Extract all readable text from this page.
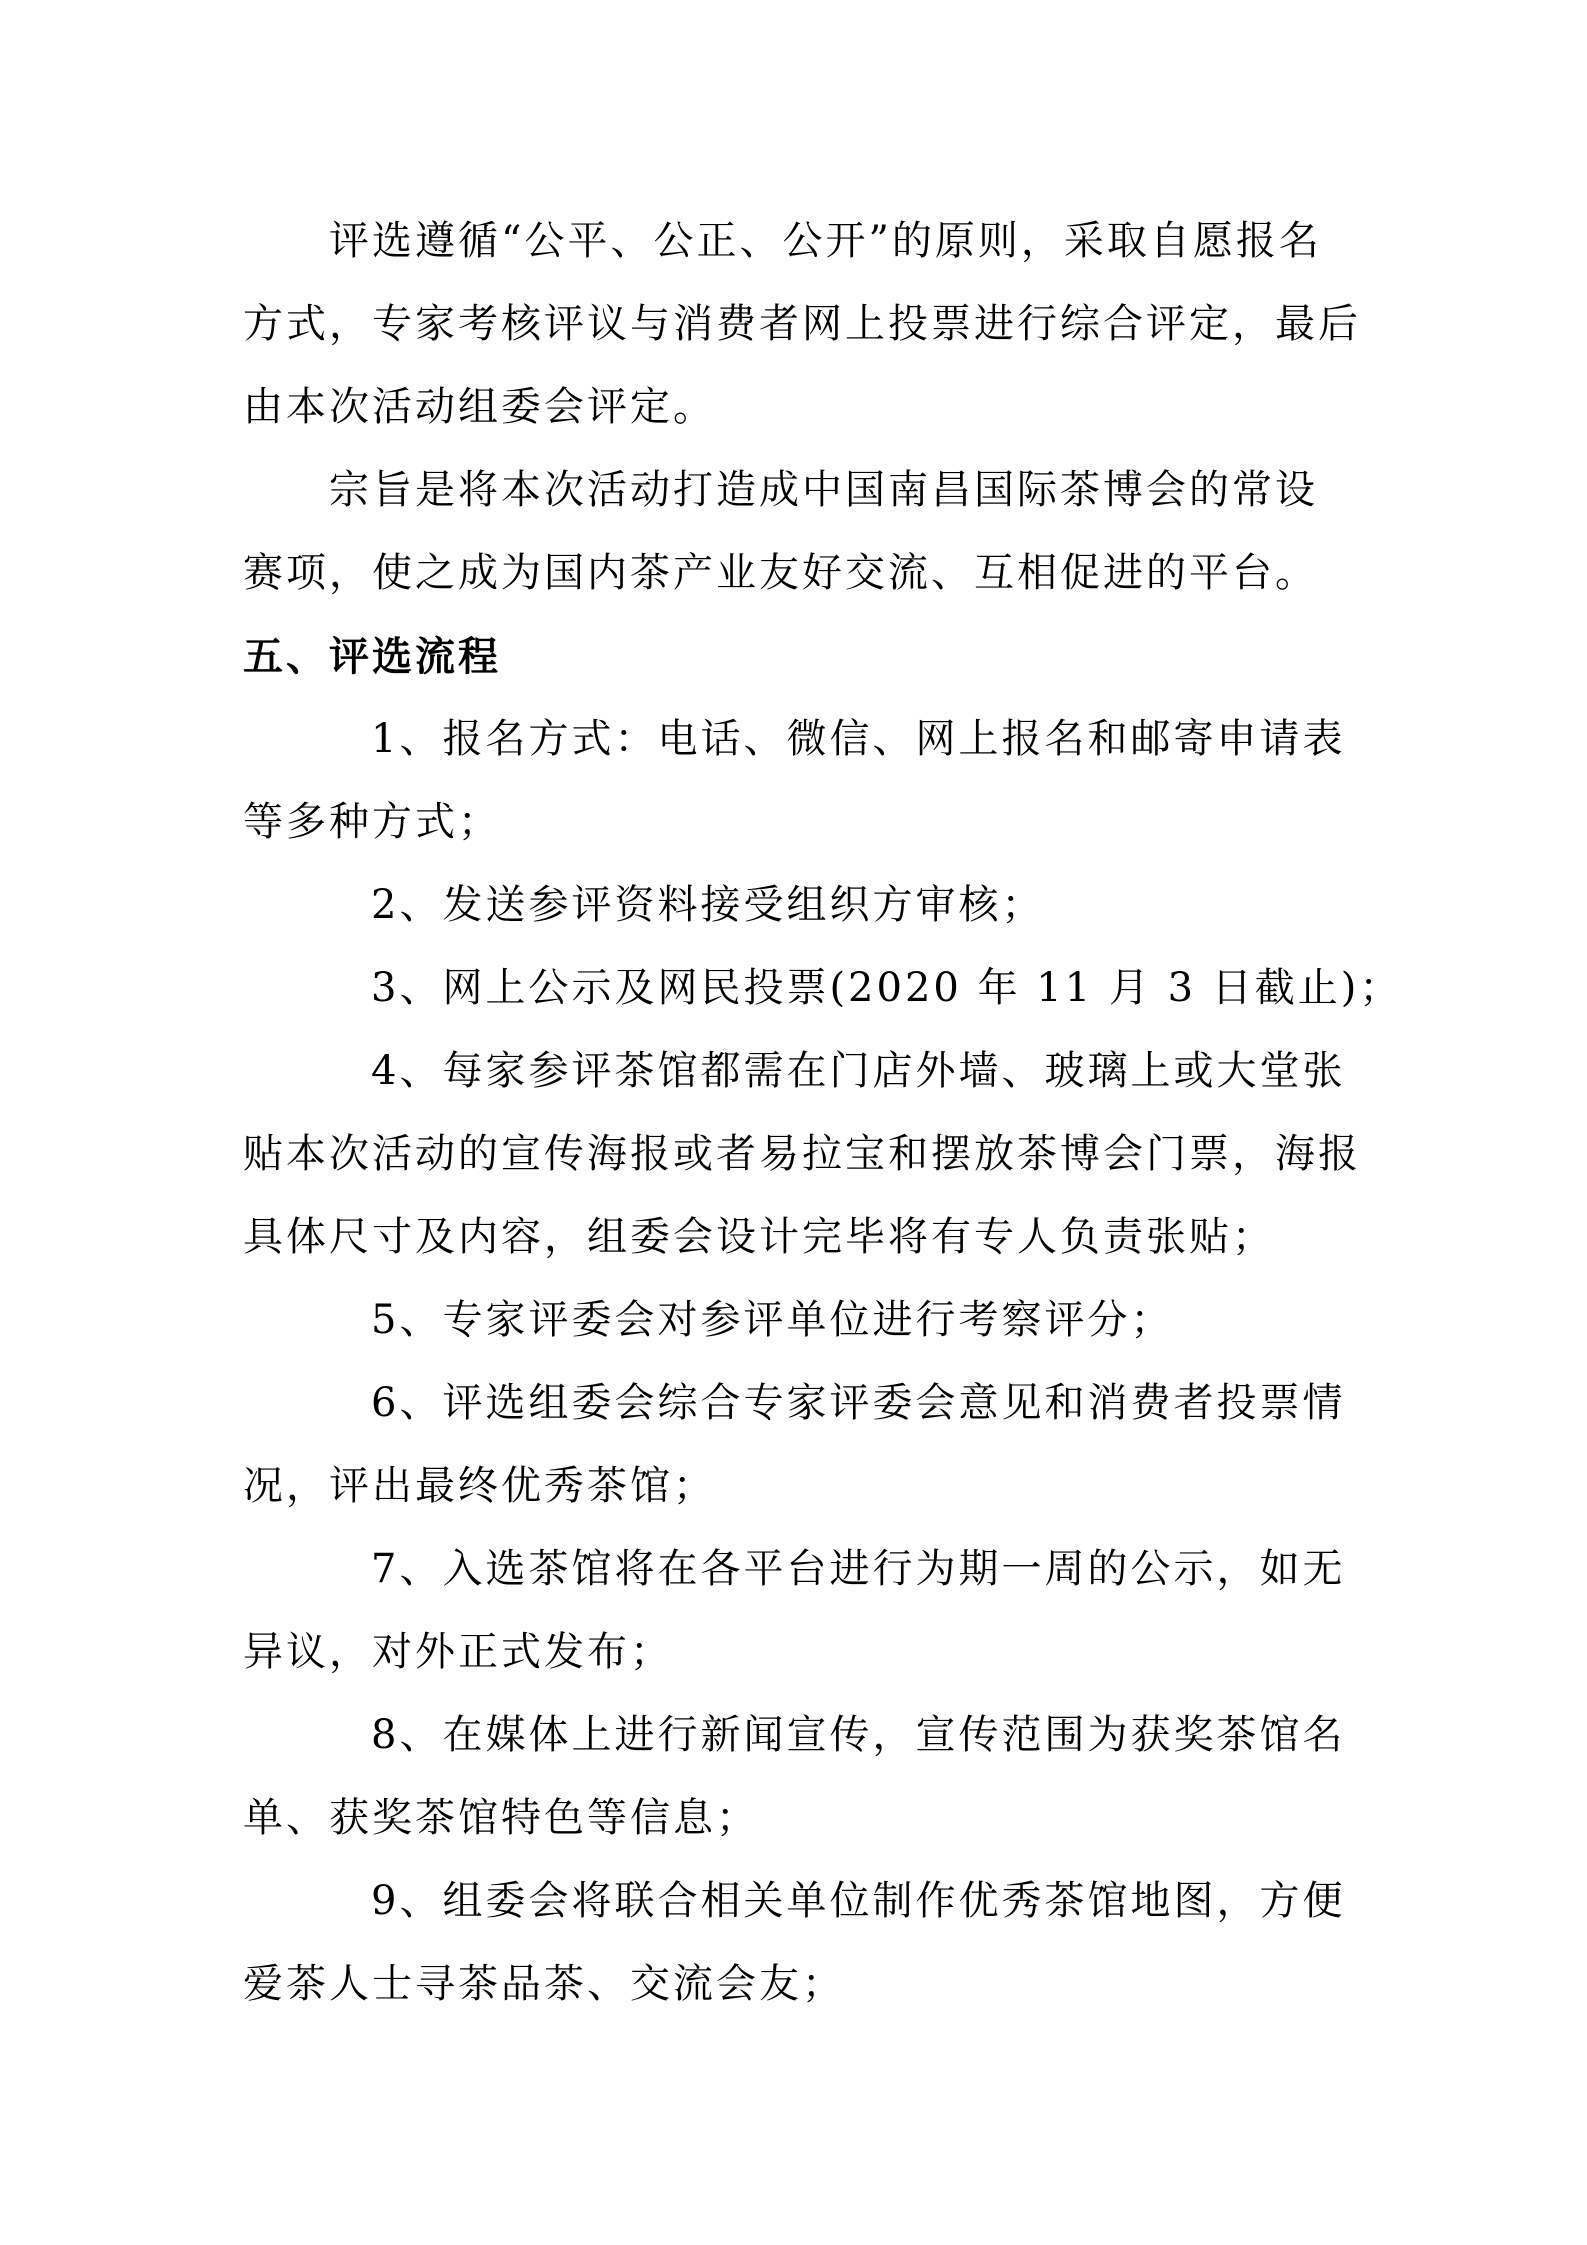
评选遵循“公平、公正、公开”的原则，采取自愿报名
方式，专家考核评议与消费者网上投票进行综合评定，最后
由本次活动组委会评定。
宗旨是将本次活动打造成中国南昌国际茶博会的常设
赛项，使之成为国内茶产业友好交流、互相促进的平台。
五、评选流程
1、报名方式：电话、微信、网上报名和邮寄申请表
等多种方式；
2、发送参评资料接受组织方审核；
3、网上公示及网民投票(2020 年 11 月 3 日截止)；
4、每家参评茶馆都需在门店外墙、玻璃上或大堂张
贴本次活动的宣传海报或者易拉宝和摆放茶博会门票，海报
具体尺寸及内容，组委会设计完毕将有专人负责张贴；
5、专家评委会对参评单位进行考察评分；
6、评选组委会综合专家评委会意见和消费者投票情
况，评出最终优秀茶馆；
7、入选茶馆将在各平台进行为期一周的公示，如无
异议，对外正式发布；
8、在媒体上进行新闻宣传，宣传范围为获奖茶馆名
单、获奖茶馆特色等信息；
9、组委会将联合相关单位制作优秀茶馆地图，方便
爱茶人士寻茶品茶、交流会友；
